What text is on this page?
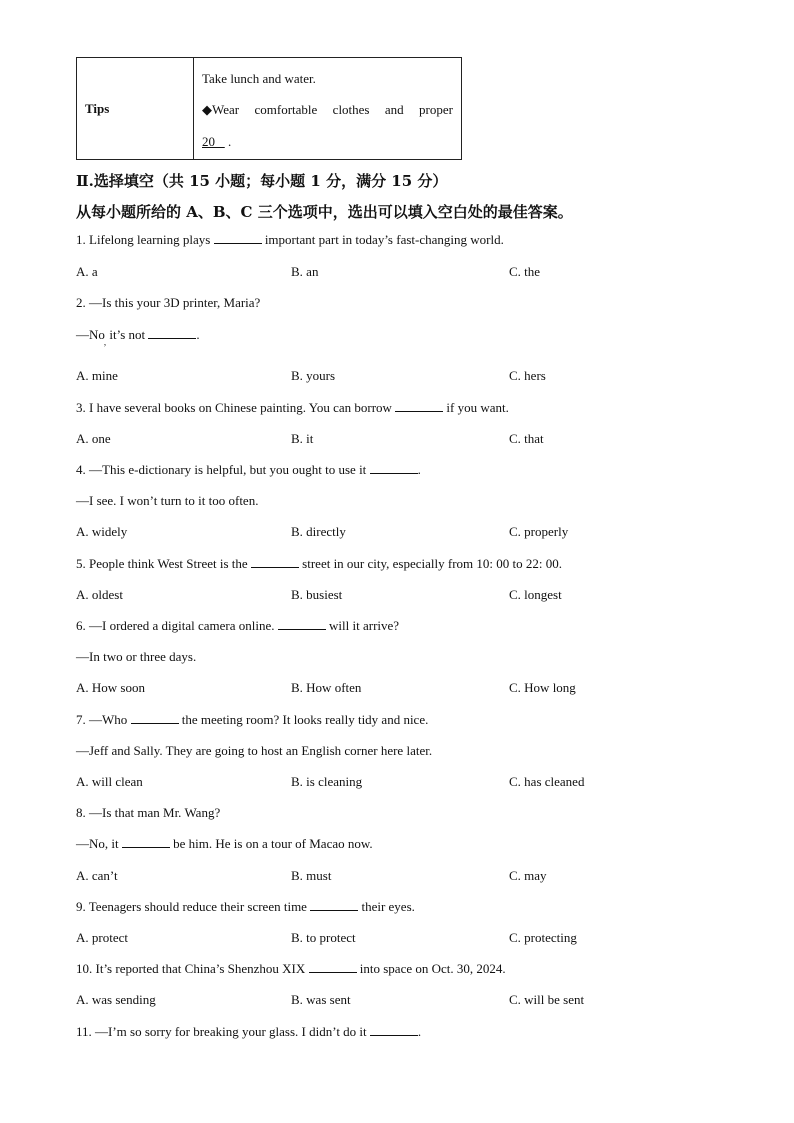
Tips	
Take lunch and water.
◆Wear comfortable clothes and proper
20 .
Ⅱ.选择填空（共 15 小题；每小题 1 分，满分 15 分）
从每小题所给的 A、B、C 三个选项中，选出可以填入空白处的最佳答案。
1. Lifelong learning plays	important part in today’s fast-changing world.
A. a	B. an	C. the
2. —Is this your 3D printer, Maria?
$—No_,$ it’s not	.
A. mine	B. yours	C. hers
3. I have several books on Chinese painting. You can borrow	if you want.
A. one	B. it	C. that
4. —This e-dictionary is helpful, but you ought to use it	.
—I see. I won’t turn to it too often.
A. widely	B. directly	C. properly
5. People think West Street is the	street in our city, especially from 10: 00 to 22: 00.
A. oldest	B. busiest	C. longest
6. —I ordered a digital camera online.	will it arrive?
—In two or three days.
A. How soon	B. How often	C. How long
7. —Who	the meeting room? It looks really tidy and nice.
—Jeff and Sally. They are going to host an English corner here later.
A. will clean	B. is cleaning	C. has cleaned
8. —Is that man Mr. Wang?
—No, it	be him. He is on a tour of Macao now.
A. can’t	B. must	C. may
9. Teenagers should reduce their screen time	their eyes.
A. protect	B. to protect	C. protecting
10. It’s reported that China’s Shenzhou XIX	into space on Oct. 30, 2024.
A. was sending	B. was sent	C. will be sent
11. —I’m so sorry for breaking your glass. I didn’t do it	.
